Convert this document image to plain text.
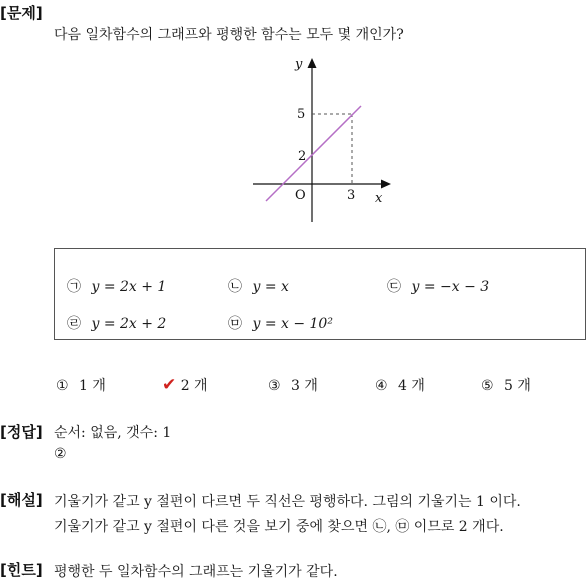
[문제]
다음 일차함수의 그래프와 평행한 함수는 모두 몇 개인가?
y
x
O
5
2
3
㉠ y = 2x + 1	㉡ y = x	㉢ y = −x − 3
㉣ y = 2x + 2	㉤ y = x − 10²
① 1 개	✔ 2 개	③ 3 개	④ 4 개	⑤ 5 개
[정답] 순서: 없음, 갯수: 1
②
[해설] 기울기가 같고 y 절편이 다르면 두 직선은 평행하다. 그림의 기울기는 1 이다.
기울기가 같고 y 절편이 다른 것을 보기 중에 찾으면 ㉡, ㉤ 이므로 2 개다.
[힌트] 평행한 두 일차함수의 그래프는 기울기가 같다.
